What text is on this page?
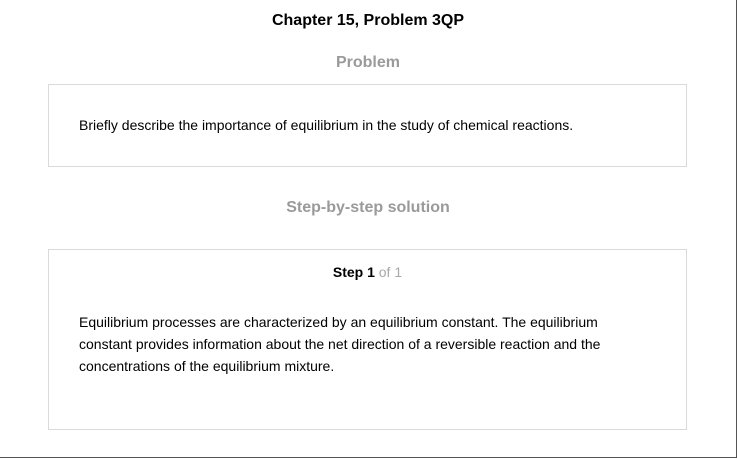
Chapter 15, Problem 3QP
Problem
Briefly describe the importance of equilibrium in the study of chemical reactions.
Step-by-step solution
Step 1 of 1
Equilibrium processes are characterized by an equilibrium constant. The equilibrium constant provides information about the net direction of a reversible reaction and the concentrations of the equilibrium mixture.
